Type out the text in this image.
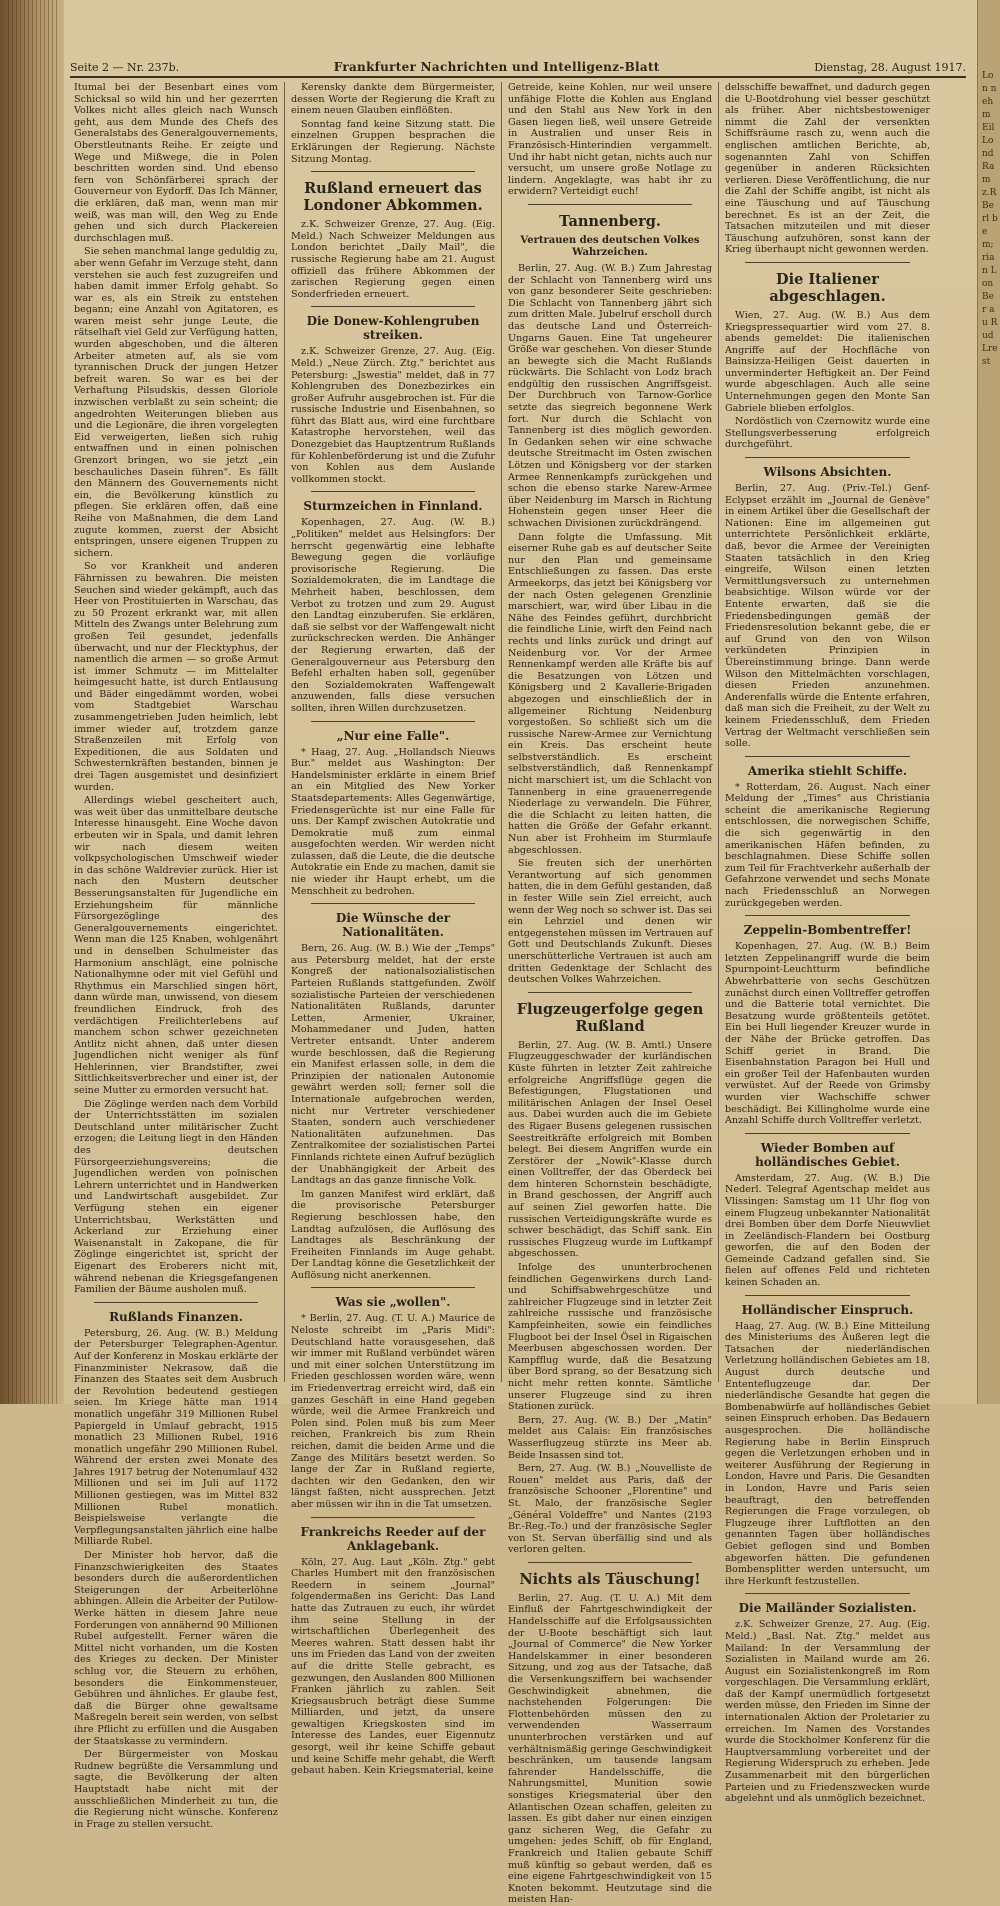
Seite 2 — Nr. 237b.	Frankfurter Nachrichten und Intelligenz-Blatt	Dienstag, 28. August 1917.

Itumal bei der Besenbart eines vom Schicksal so wild hin und her gezerrten Volkes nicht alles gleich nach Wunsch geht, aus dem Munde des Chefs des Generalstabs des Generalgouvernements, Oberstleutnants Reihe. Er zeigte und Wege und Mißwege, die in Polen beschritten worden sind. Und ebenso fern von Schönfärberei sprach der Gouverneur von Eydorff. Das Ich Männer, die erklären, daß man, wenn man mir weiß, was man will, den Weg zu Ende gehen und sich durch Plackereien durchschlagen muß.

Sie sehen manchmal lange geduldig zu, aber wenn Gefahr im Verzuge steht, dann verstehen sie auch fest zuzugreifen und haben damit immer Erfolg gehabt. So war es, als ein Streik zu entstehen begann; eine Anzahl von Agitatoren, es waren meist sehr junge Leute, die rätselhaft viel Geld zur Verfügung hatten, wurden abgeschoben, und die älteren Arbeiter atmeten auf, als sie vom tyrannischen Druck der jungen Hetzer befreit waren. So war es bei der Verhaftung Pilsudskis, dessen Gloriole inzwischen verblaßt zu sein scheint; die angedrohten Weiterungen blieben aus und die Legionäre, die ihren vorgelegten Eid verweigerten, ließen sich ruhig entwaffnen und in einen polnischen Grenzort bringen, wo sie jetzt „ein beschauliches Dasein führen". Es fällt den Männern des Gouvernements nicht ein, die Bevölkerung künstlich zu pflegen. Sie erklären offen, daß eine Reihe von Maßnahmen, die dem Land zugute kommen, zuerst der Absicht entspringen, unsere eigenen Truppen zu sichern.

So vor Krankheit und anderen Fährnissen zu bewahren. Die meisten Seuchen sind wieder gekämpft, auch das Heer von Prostituierten in Warschau, das zu 50 Prozent erkrankt war, mit allen Mitteln des Zwangs unter Belehrung zum großen Teil gesundet, jedenfalls überwacht, und nur der Flecktyphus, der namentlich die armen — so große Armut ist immer Schmutz — im Mittelalter heimgesucht hatte, ist durch Entlausung und Bäder eingedämmt worden, wobei vom Stadtgebiet Warschau zusammengetrieben Juden heimlich, lebt immer wieder auf, trotzdem ganze Straßenzeilen mit Erfolg von Expeditionen, die aus Soldaten und Schwesternkräften bestanden, binnen je drei Tagen ausgemistet und desinfiziert wurden.

Allerdings wiebel gescheitert auch, was weit über das unmittelbare deutsche Interesse hinausgeht. Eine Woche davon erbeuten wir in Spala, und damit lehren wir nach diesem weiten volkpsychologischen Umschweif wieder in das schöne Waldrevier zurück. Hier ist nach den Mustern deutscher Besserungsanstalten für Jugendliche ein Erziehungsheim für männliche Fürsorgezöglinge des Generalgouvernements eingerichtet. Wenn man die 125 Knaben, wohlgenährt und in denselben Schulmeister das Harmonium anschlägt, eine polnische Nationalhymne oder mit viel Gefühl und Rhythmus ein Marschlied singen hört, dann würde man, unwissend, von diesem freundlichen Eindruck, froh des verdächtigen Freilichterlebens auf manchem schon schwer gezeichneten Antlitz nicht ahnen, daß unter diesen Jugendlichen nicht weniger als fünf Hehlerinnen, vier Brandstifter, zwei Sittlichkeitsverbrecher und einer ist, der seine Mutter zu ermorden versucht hat.

Die Zöglinge werden nach dem Vorbild der Unterrichtsstätten im sozialen Deutschland unter militärischer Zucht erzogen; die Leitung liegt in den Händen des deutschen Fürsorgeerziehungsvereins; die Jugendlichen werden von polnischen Lehrern unterrichtet und in Handwerken und Landwirtschaft ausgebildet. Zur Verfügung stehen ein eigener Unterrichtsbau, Werkstätten und Ackerland zur Erziehung einer Waisenanstalt in Zakopane, die für Zöglinge eingerichtet ist, spricht der Eigenart des Eroberers nicht mit, während nebenan die Kriegsgefangenen Familien der Bäume ausholen muß.

Rußlands Finanzen.

Petersburg, 26. Aug. (W. B.) Meldung der Petersburger Telegraphen-Agentur. Auf der Konferenz in Moskau erklärte der Finanzminister Nekrasow, daß die Finanzen des Staates seit dem Ausbruch der Revolution bedeutend gestiegen seien. Im Kriege hätte man 1914 monatlich ungefähr 319 Millionen Rubel Papiergeld in Umlauf gebracht, 1915 monatlich 23 Millionen Rubel, 1916 monatlich ungefähr 290 Millionen Rubel. Während der ersten zwei Monate des Jahres 1917 betrug der Notenumlauf 432 Millionen und sei im Juli auf 1172 Millionen gestiegen, was im Mittel 832 Millionen Rubel monatlich. Beispielsweise verlangte die Verpflegungsanstalten jährlich eine halbe Milliarde Rubel.

Der Minister hob hervor, daß die Finanzschwierigkeiten des Staates besonders durch die außerordentlichen Steigerungen der Arbeiterlöhne abhingen. Allein die Arbeiter der Putilow-Werke hätten in diesem Jahre neue Forderungen von annähernd 90 Millionen Rubel aufgestellt. Ferner wären die Mittel nicht vorhanden, um die Kosten des Krieges zu decken. Der Minister schlug vor, die Steuern zu erhöhen, besonders die Einkommensteuer, Gebühren und ähnliches. Er glaube fest, daß die Bürger ohne gewaltsame Maßregeln bereit sein werden, von selbst ihre Pflicht zu erfüllen und die Ausgaben der Staatskasse zu vermindern.

Der Bürgermeister von Moskau Rudnew begrüßte die Versammlung und sagte, die Bevölkerung der alten Hauptstadt habe nicht mit der ausschließlichen Minderheit zu tun, die die Regierung nicht wünsche. Konferenz in Frage zu stellen versucht.

Kerensky dankte dem Bürgermeister, dessen Worte der Regierung die Kraft zu einem neuen Glauben einflößten.

Sonntag fand keine Sitzung statt. Die einzelnen Gruppen besprachen die Erklärungen der Regierung. Nächste Sitzung Montag.

Rußland erneuert das Londoner Abkommen.

z.K. Schweizer Grenze, 27. Aug. (Eig. Meld.) Nach Schweizer Meldungen aus London berichtet „Daily Mail", die russische Regierung habe am 21. August offiziell das frühere Abkommen der zarischen Regierung gegen einen Sonderfrieden erneuert.

Die Donew-Kohlengruben streiken.

z.K. Schweizer Grenze, 27. Aug. (Eig. Meld.) „Neue Zürch. Ztg." berichtet aus Petersburg: „Jswestia" meldet, daß in 77 Kohlengruben des Donezbezirkes ein großer Aufruhr ausgebrochen ist. Für die russische Industrie und Eisenbahnen, so führt das Blatt aus, wird eine furchtbare Katastrophe hervorstehen, weil das Donezgebiet das Hauptzentrum Rußlands für Kohlenbeförderung ist und die Zufuhr von Kohlen aus dem Auslande vollkommen stockt.

Sturmzeichen in Finnland.

Kopenhagen, 27. Aug. (W. B.) „Politiken" meldet aus Helsingfors: Der herrscht gegenwärtig eine lebhafte Bewegung gegen die vorläufige provisorische Regierung. Die Sozialdemokraten, die im Landtage die Mehrheit haben, beschlossen, dem Verbot zu trotzen und zum 29. August den Landtag einzuberufen. Sie erklären, daß sie selbst vor der Waffengewalt nicht zurückschrecken werden. Die Anhänger der Regierung erwarten, daß der Generalgouverneur aus Petersburg den Befehl erhalten haben soll, gegenüber den Sozialdemokraten Waffengewalt anzuwenden, falls diese versuchen sollten, ihren Willen durchzusetzen.

„Nur eine Falle".

* Haag, 27. Aug. „Hollandsch Nieuws Bur." meldet aus Washington: Der Handelsminister erklärte in einem Brief an ein Mitglied des New Yorker Staatsdepartements: Alles Gegenwärtige, Friedensgerüchte ist nur eine Falle für uns. Der Kampf zwischen Autokratie und Demokratie muß zum einmal ausgefochten werden. Wir werden nicht zulassen, daß die Leute, die die deutsche Autokratie ein Ende zu machen, damit sie nie wieder ihr Haupt erhebt, um die Menschheit zu bedrohen.

Die Wünsche der Nationalitäten.

Bern, 26. Aug. (W. B.) Wie der „Temps" aus Petersburg meldet, hat der erste Kongreß der nationalsozialistischen Parteien Rußlands stattgefunden. Zwölf sozialistische Parteien der verschiedenen Nationalitäten Rußlands, darunter Letten, Armenier, Ukrainer, Mohammedaner und Juden, hatten Vertreter entsandt. Unter anderem wurde beschlossen, daß die Regierung ein Manifest erlassen solle, in dem die Prinzipien der nationalen Autonomie gewährt werden soll; ferner soll die Internationale aufgebrochen werden, nicht nur Vertreter verschiedener Staaten, sondern auch verschiedener Nationalitäten aufzunehmen. Das Zentralkomitee der sozialistischen Partei Finnlands richtete einen Aufruf bezüglich der Unabhängigkeit der Arbeit des Landtags an das ganze finnische Volk.

Im ganzen Manifest wird erklärt, daß die provisorische Petersburger Regierung beschlossen habe, den Landtag aufzulösen, die Auflösung des Landtages als Beschränkung der Freiheiten Finnlands im Auge gehabt. Der Landtag könne die Gesetzlichkeit der Auflösung nicht anerkennen.

Was sie „wollen".

* Berlin, 27. Aug. (T. U. A.) Maurice de Neloste schreibt im „Paris Midi": Deutschland hatte vorausgesehen, daß wir immer mit Rußland verbündet wären und mit einer solchen Unterstützung im Frieden geschlossen worden wäre, wenn im Friedenvertrag erreicht wird, daß ein ganzes Geschäft in eine Hand gegeben würde, weil die Armee Frankreich und Polen sind. Polen muß bis zum Meer reichen, Frankreich bis zum Rhein reichen, damit die beiden Arme und die Zange des Militärs besetzt werden. So lange der Zar in Rußland regierte, dachten wir den Gedanken, den wir längst faßten, nicht aussprechen. Jetzt aber müssen wir ihn in die Tat umsetzen.

Frankreichs Reeder auf der Anklagebank.

Köln, 27. Aug. Laut „Köln. Ztg." gebt Charles Humbert mit den französischen Reedern in seinem „Journal" folgendermaßen ins Gericht: Das Land hatte das Zutrauen zu euch, ihr würdet ihm seine Stellung in der wirtschaftlichen Überlegenheit des Meeres wahren. Statt dessen habt ihr uns im Frieden das Land von der zweiten auf die dritte Stelle gebracht, es gezwungen, den Auslanden 800 Millionen Franken jährlich zu zahlen. Seit Kriegsausbruch beträgt diese Summe Milliarden, und jetzt, da unsere gewaltigen Kriegskosten sind im Interesse des Landes, euer Eigennutz gesorgt, weil ihr keine Schiffe gebaut und keine Schiffe mehr gehabt, die Werft gebaut haben. Kein Kriegsmaterial, keine

Getreide, keine Kohlen, nur weil unsere unfähige Flotte die Kohlen aus England und den Stahl aus New York in den Gasen liegen ließ, weil unsere Getreide in Australien und unser Reis in Französisch-Hinterindien vergammelt. Und ihr habt nicht getan, nichts auch nur versucht, um unsere große Notlage zu lindern. Angeklagte, was habt ihr zu erwidern? Verteidigt euch!

Tannenberg.
Vertrauen des deutschen Volkes Wahrzeichen.

Berlin, 27. Aug. (W. B.) Zum Jahrestag der Schlacht von Tannenberg wird uns von ganz besonderer Seite geschrieben: Die Schlacht von Tannenberg jährt sich zum dritten Male. Jubelruf erscholl durch das deutsche Land und Österreich-Ungarns Gauen. Eine Tat ungeheurer Größe war geschehen. Von dieser Stunde an bewegte sich die Macht Rußlands rückwärts. Die Schlacht von Lodz brach endgültig den russischen Angriffsgeist. Der Durchbruch von Tarnow-Gorlice setzte das siegreich begonnene Werk fort. Nur durch die Schlacht von Tannenberg ist dies möglich geworden. In Gedanken sehen wir eine schwache deutsche Streitmacht im Osten zwischen Lötzen und Königsberg vor der starken Armee Rennenkampfs zurückgehen und schon die ebenso starke Narew-Armee über Neidenburg im Marsch in Richtung Hohenstein gegen unser Heer die schwachen Divisionen zurückdrängend.

Dann folgte die Umfassung. Mit eiserner Ruhe gab es auf deutscher Seite nur den Plan und gemeinsame Entschließungen zu fassen. Das erste Armeekorps, das jetzt bei Königsberg vor der nach Osten gelegenen Grenzlinie marschiert, war, wird über Libau in die Nähe des Feindes geführt, durchbricht die feindliche Linie, wirft den Feind nach rechts und links zurück und dringt auf Neidenburg vor. Vor der Armee Rennenkampf werden alle Kräfte bis auf die Besatzungen von Lötzen und Königsberg und 2 Kavallerie-Brigaden abgezogen und einschließlich der in allgemeiner Richtung Neidenburg vorgestoßen. So schließt sich um die russische Narew-Armee zur Vernichtung ein Kreis. Das erscheint heute selbstverständlich. Es erscheint selbstverständlich, daß Rennenkampf nicht marschiert ist, um die Schlacht von Tannenberg in eine grauenerregende Niederlage zu verwandeln. Die Führer, die die Schlacht zu leiten hatten, die hatten die Größe der Gefahr erkannt. Nun aber ist Frohheim im Sturmlaufe abgeschlossen.

Sie freuten sich der unerhörten Verantwortung auf sich genommen hatten, die in dem Gefühl gestanden, daß in fester Wille sein Ziel erreicht, auch wenn der Weg noch so schwer ist. Das sei ein Lehrziel und denen wir entgegenstehen müssen im Vertrauen auf Gott und Deutschlands Zukunft. Dieses unerschütterliche Vertrauen ist auch am dritten Gedenktage der Schlacht des deutschen Volkes Wahrzeichen.

Flugzeugerfolge gegen Rußland

Berlin, 27. Aug. (W. B. Amtl.) Unsere Flugzeuggeschwader der kurländischen Küste führten in letzter Zeit zahlreiche erfolgreiche Angriffsflüge gegen die Befestigungen, Flugstationen und militärischen Anlagen der Insel Oesel aus. Dabei wurden auch die im Gebiete des Rigaer Busens gelegenen russischen Seestreitkräfte erfolgreich mit Bomben belegt. Bei diesem Angriffen wurde ein Zerstörer der „Nowik"-Klasse durch einen Volltreffer, der das Oberdeck bei dem hinteren Schornstein beschädigte, in Brand geschossen, der Angriff auch auf seinen Ziel geworfen hatte. Die russischen Verteidigungskräfte wurde es schwer beschädigt, das Schiff sank. Ein russisches Flugzeug wurde im Luftkampf abgeschossen.

Infolge des ununterbrochenen feindlichen Gegenwirkens durch Land- und Schiffsabwehrgeschütze und zahlreicher Flugzeuge sind in letzter Zeit zahlreiche russische und französische Kampfeinheiten, sowie ein feindliches Flugboot bei der Insel Ösel in Rigaischen Meerbusen abgeschossen worden. Der Kampfflug wurde, daß die Besatzung über Bord sprang, so der Besatzung sich nicht mehr retten konnte. Sämtliche unserer Flugzeuge sind zu ihren Stationen zurück.

Bern, 27. Aug. (W. B.) Der „Matin" meldet aus Calais: Ein französisches Wasserflugzeug stürzte ins Meer ab. Beide Insassen sind tot.

Bern, 27. Aug. (W. B.) „Nouvelliste de Rouen" meldet aus Paris, daß der französische Schooner „Florentine" und St. Malo, der französische Segler „Général Voldeffre" und Nantes (2193 Br.-Reg.-To.) und der französische Segler von St. Servan überfällig sind und als verloren gelten.

Nichts als Täuschung!

Berlin, 27. Aug. (T. U. A.) Mit dem Einfluß der Fahrtgeschwindigkeit der Handelsschiffe auf die Erfolgsaussichten der U-Boote beschäftigt sich laut „Journal of Commerce" die New Yorker Handelskammer in einer besonderen Sitzung, und zog aus der Tatsache, daß die Versenkungsziffern bei wachsender Geschwindigkeit abnehmen, die nachstehenden Folgerungen: Die Flottenbehörden müssen den zu verwendenden Wasserraum ununterbrochen verstärken und auf verhältnismäßig geringe Geschwindigkeit beschränken, um tausende langsam fahrender Handelsschiffe, die Nahrungsmittel, Munition sowie sonstiges Kriegsmaterial über den Atlantischen Ozean schaffen, geleiten zu lassen. Es gibt daher nur einen einzigen ganz sicheren Weg, die Gefahr zu umgehen: jedes Schiff, ob für England, Frankreich und Italien gebaute Schiff muß künftig so gebaut werden, daß es eine eigene Fahrtgeschwindigkeit von 15 Knoten bekommt. Heutzutage sind die meisten Han-

delsschiffe bewaffnet, und dadurch gegen die U-Bootdrohung viel besser geschützt als früher. Aber nichtsbestoweniger nimmt die Zahl der versenkten Schiffsräume rasch zu, wenn auch die englischen amtlichen Berichte, ab, sogenannten Zahl von Schiffen gegenüber in anderen Rücksichten verlieren. Diese Veröffentlichung, die nur die Zahl der Schiffe angibt, ist nicht als eine Täuschung und auf Täuschung berechnet. Es ist an der Zeit, die Tatsachen mitzuteilen und mit dieser Täuschung aufzuhören, sonst kann der Krieg überhaupt nicht gewonnen werden.

Die Italiener abgeschlagen.

Wien, 27. Aug. (W. B.) Aus dem Kriegspressequartier wird vom 27. 8. abends gemeldet: Die italienischen Angriffe auf der Hochfläche von Bainsizza-Heiligen Geist dauerten in unverminderter Heftigkeit an. Der Feind wurde abgeschlagen. Auch alle seine Unternehmungen gegen den Monte San Gabriele blieben erfolglos.

Nordöstlich von Czernowitz wurde eine Stellungsverbesserung erfolgreich durchgeführt.

Wilsons Absichten.

Berlin, 27. Aug. (Priv.-Tel.) Genf-Eclypset erzählt im „Journal de Genève" in einem Artikel über die Gesellschaft der Nationen: Eine im allgemeinen gut unterrichtete Persönlichkeit erklärte, daß, bevor die Armee der Vereinigten Staaten tatsächlich in den Krieg eingreife, Wilson einen letzten Vermittlungsversuch zu unternehmen beabsichtige. Wilson würde vor der Entente erwarten, daß sie die Friedensbedingungen gemäß der Friedensresolution bekannt gebe, die er auf Grund von den von Wilson verkündeten Prinzipien in Übereinstimmung bringe. Dann werde Wilson den Mittelmächten vorschlagen, diesen Frieden anzunehmen. Anderenfalls würde die Entente erfahren, daß man sich die Freiheit, zu der Welt zu keinem Friedensschluß, dem Frieden Vertrag der Weltmacht verschließen sein solle.

Amerika stiehlt Schiffe.

* Rotterdam, 26. August. Nach einer Meldung der „Times" aus Christiania scheint die amerikanische Regierung entschlossen, die norwegischen Schiffe, die sich gegenwärtig in den amerikanischen Häfen befinden, zu beschlagnahmen. Diese Schiffe sollen zum Teil für Frachtverkehr außerhalb der Gefahrzone verwendet und sechs Monate nach Friedensschluß an Norwegen zurückgegeben werden.

Zeppelin-Bombentreffer!

Kopenhagen, 27. Aug. (W. B.) Beim letzten Zeppelinangriff wurde die beim Spurnpoint-Leuchtturm befindliche Abwehrbatterie von sechs Geschützen zunächst durch einen Volltreffer getroffen und die Batterie total vernichtet. Die Besatzung wurde größtenteils getötet. Ein bei Hull liegender Kreuzer wurde in der Nähe der Brücke getroffen. Das Schiff geriet in Brand. Die Eisenbahnstation Paragon bei Hull und ein großer Teil der Hafenbauten wurden verwüstet. Auf der Reede von Grimsby wurden vier Wachschiffe schwer beschädigt. Bei Killingholme wurde eine Anzahl Schiffe durch Volltreffer verletzt.

Wieder Bomben auf holländisches Gebiet.

Amsterdam, 27. Aug. (W. B.) Die Nederl. Telegraf Agentschap meldet aus Vlissingen: Samstag um 11 Uhr flog von einem Flugzeug unbekannter Nationalität drei Bomben über dem Dorfe Nieuwvliet in Zeeländisch-Flandern bei Oostburg geworfen, die auf den Boden der Gemeinde Cadzand gefallen sind. Sie fielen auf offenes Feld und richteten keinen Schaden an.

Holländischer Einspruch.

Haag, 27. Aug. (W. B.) Eine Mitteilung des Ministeriums des Äußeren legt die Tatsachen der niederländischen Verletzung holländischen Gebietes am 18. August durch deutsche und Ententeflugzeuge dar. Der niederländische Gesandte hat gegen die Bombenabwürfe auf holländisches Gebiet seinen Einspruch erhoben. Das Bedauern ausgesprochen. Die holländische Regierung habe in Berlin Einspruch gegen die Verletzungen erhoben und in weiterer Ausführung der Regierung in London, Havre und Paris. Die Gesandten in London, Havre und Paris seien beauftragt, den betreffenden Regierungen die Frage vorzulegen, ob Flugzeuge ihrer Luftflotten an den genannten Tagen über holländisches Gebiet geflogen sind und Bomben abgeworfen hätten. Die gefundenen Bombensplitter werden untersucht, um ihre Herkunft festzustellen.

Die Mailänder Sozialisten.

z.K. Schweizer Grenze, 27. Aug. (Eig. Meld.) „Basl. Nat. Ztg." meldet aus Mailand: In der Versammlung der Sozialisten in Mailand wurde am 26. August ein Sozialistenkongreß im Rom vorgeschlagen. Die Versammlung erklärt, daß der Kampf unermüdlich fortgesetzt werden müsse, den Frieden im Sinne der internationalen Aktion der Proletarier zu erreichen. Im Namen des Vorstandes wurde die Stockholmer Konferenz für die Hauptversammlung vorbereitet und der Regierung Widerspruch zu erheben. Jede Zusammenarbeit mit den bürgerlichen Parteien und zu Friedenszwecken wurde abgelehnt und als unmöglich bezeichnet.

Lon nehm Eil Lond Ram z.R Berl bem; rian Lon Ber au Rud Lrest
